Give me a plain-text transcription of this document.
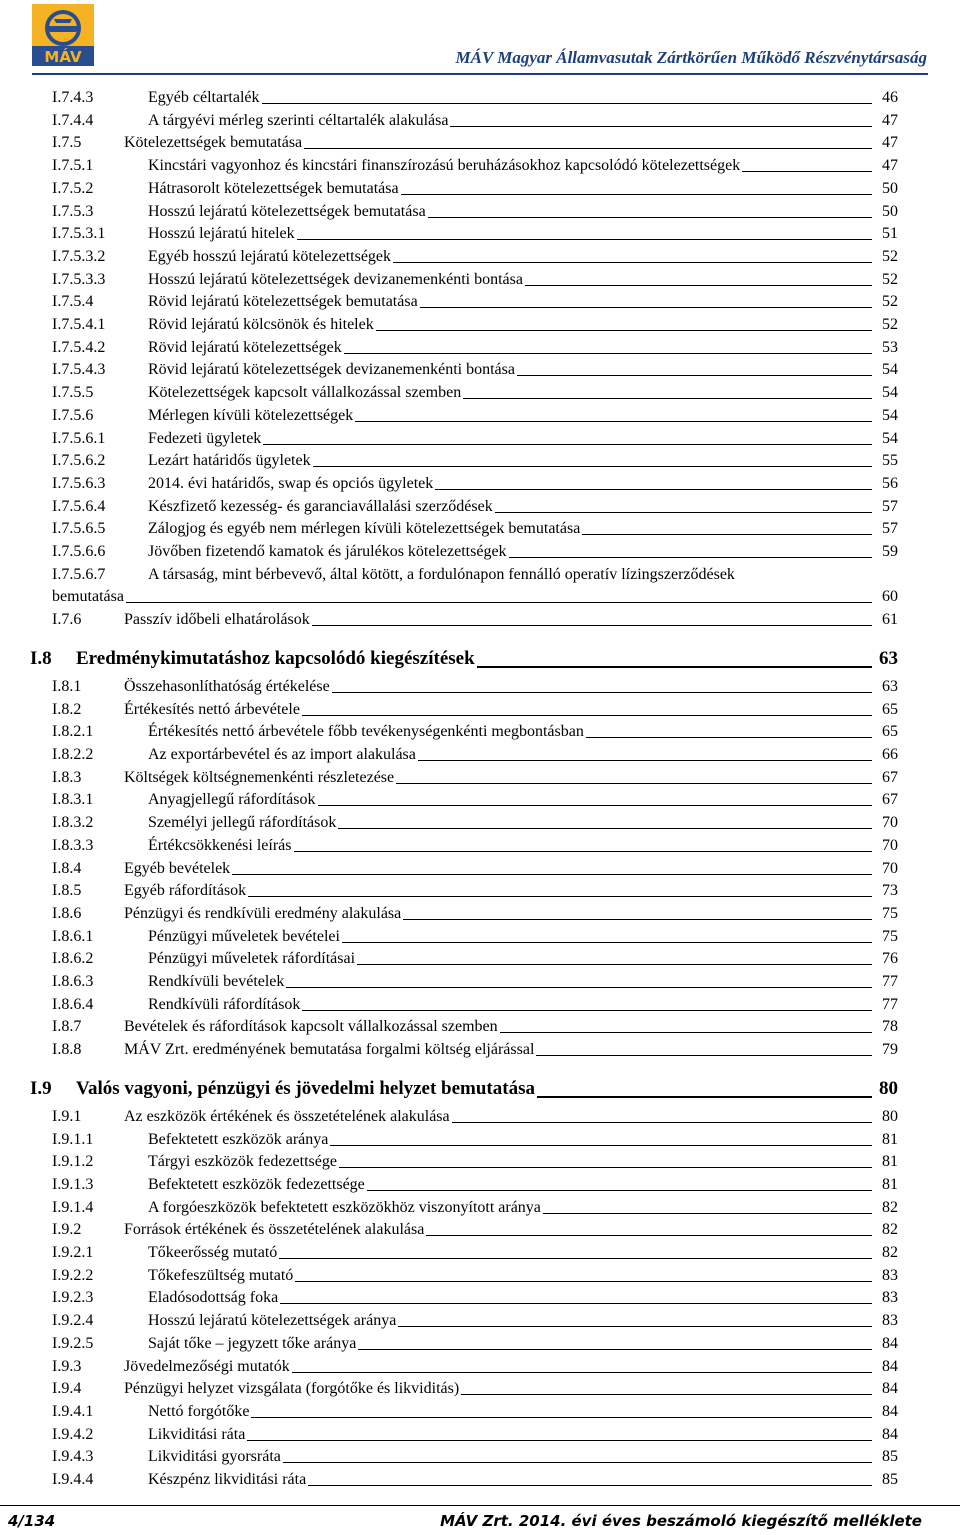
MÁV	MÁV Magyar Államvasutak Zártkörűen Működő Részvénytársaság
I.7.4.3	Egyéb céltartalék	46
I.7.4.4	A tárgyévi mérleg szerinti céltartalék alakulása	47
I.7.5	Kötelezettségek bemutatása	47
I.7.5.1	Kincstári vagyonhoz és kincstári finanszírozású beruházásokhoz kapcsolódó kötelezettségek	47
I.7.5.2	Hátrasorolt kötelezettségek bemutatása	50
I.7.5.3	Hosszú lejáratú kötelezettségek bemutatása	50
I.7.5.3.1	Hosszú lejáratú hitelek	51
I.7.5.3.2	Egyéb hosszú lejáratú kötelezettségek	52
I.7.5.3.3	Hosszú lejáratú kötelezettségek devizanemenkénti bontása	52
I.7.5.4	Rövid lejáratú kötelezettségek bemutatása	52
I.7.5.4.1	Rövid lejáratú kölcsönök és hitelek	52
I.7.5.4.2	Rövid lejáratú kötelezettségek	53
I.7.5.4.3	Rövid lejáratú kötelezettségek devizanemenkénti bontása	54
I.7.5.5	Kötelezettségek kapcsolt vállalkozással szemben	54
I.7.5.6	Mérlegen kívüli kötelezettségek	54
I.7.5.6.1	Fedezeti ügyletek	54
I.7.5.6.2	Lezárt határidős ügyletek	55
I.7.5.6.3	2014. évi határidős, swap és opciós ügyletek	56
I.7.5.6.4	Készfizető kezesség- és garanciavállalási szerződések	57
I.7.5.6.5	Zálogjog és egyéb nem mérlegen kívüli kötelezettségek bemutatása	57
I.7.5.6.6	Jövőben fizetendő kamatok és járulékos kötelezettségek	59
I.7.5.6.7	A társaság, mint bérbevevő, által kötött, a fordulónapon fennálló operatív lízingszerződések
bemutatása	60
I.7.6	Passzív időbeli elhatárolások	61
I.8 Eredménykimutatáshoz kapcsolódó kiegészítések	63
I.8.1	Összehasonlíthatóság értékelése	63
I.8.2	Értékesítés nettó árbevétele	65
I.8.2.1	Értékesítés nettó árbevétele főbb tevékenységenkénti megbontásban	65
I.8.2.2	Az exportárbevétel és az import alakulása	66
I.8.3	Költségek költségnemenkénti részletezése	67
I.8.3.1	Anyagjellegű ráfordítások	67
I.8.3.2	Személyi jellegű ráfordítások	70
I.8.3.3	Értékcsökkenési leírás	70
I.8.4	Egyéb bevételek	70
I.8.5	Egyéb ráfordítások	73
I.8.6	Pénzügyi és rendkívüli eredmény alakulása	75
I.8.6.1	Pénzügyi műveletek bevételei	75
I.8.6.2	Pénzügyi műveletek ráfordításai	76
I.8.6.3	Rendkívüli bevételek	77
I.8.6.4	Rendkívüli ráfordítások	77
I.8.7	Bevételek és ráfordítások kapcsolt vállalkozással szemben	78
I.8.8	MÁV Zrt. eredményének bemutatása forgalmi költség eljárással	79
I.9 Valós vagyoni, pénzügyi és jövedelmi helyzet bemutatása	80
I.9.1	Az eszközök értékének és összetételének alakulása	80
I.9.1.1	Befektetett eszközök aránya	81
I.9.1.2	Tárgyi eszközök fedezettsége	81
I.9.1.3	Befektetett eszközök fedezettsége	81
I.9.1.4	A forgóeszközök befektetett eszközökhöz viszonyított aránya	82
I.9.2	Források értékének és összetételének alakulása	82
I.9.2.1	Tőkeerősség mutató	82
I.9.2.2	Tőkefeszültség mutató	83
I.9.2.3	Eladósodottság foka	83
I.9.2.4	Hosszú lejáratú kötelezettségek aránya	83
I.9.2.5	Saját tőke – jegyzett tőke aránya	84
I.9.3	Jövedelmezőségi mutatók	84
I.9.4	Pénzügyi helyzet vizsgálata (forgótőke és likviditás)	84
I.9.4.1	Nettó forgótőke	84
I.9.4.2	Likviditási ráta	84
I.9.4.3	Likviditási gyorsráta	85
I.9.4.4	Készpénz likviditási ráta	85
4/134	MÁV Zrt. 2014. évi éves beszámoló kiegészítő melléklete
